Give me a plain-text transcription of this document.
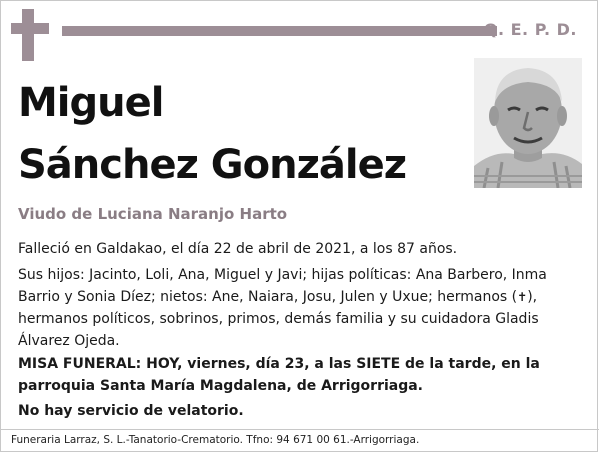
Q. E. P. D.
Miguel
Sánchez González
Viudo de Luciana Naranjo Harto
Falleció en Galdakao, el día 22 de abril de 2021, a los 87 años.
Sus hijos: Jacinto, Loli, Ana, Miguel y Javi; hijas políticas: Ana Barbero, Inma Barrio y Sonia Díez; nietos: Ane, Naiara, Josu, Julen y Uxue; hermanos (✝), hermanos políticos, sobrinos, primos, demás familia y su cuidadora Gladis Álvarez Ojeda.
MISA FUNERAL: HOY, viernes, día 23, a las SIETE de la tarde, en la parroquia Santa María Magdalena, de Arrigorriaga.
No hay servicio de velatorio.
Funeraria Larraz, S. L.-Tanatorio-Crematorio. Tfno: 94 671 00 61.-Arrigorriaga.
